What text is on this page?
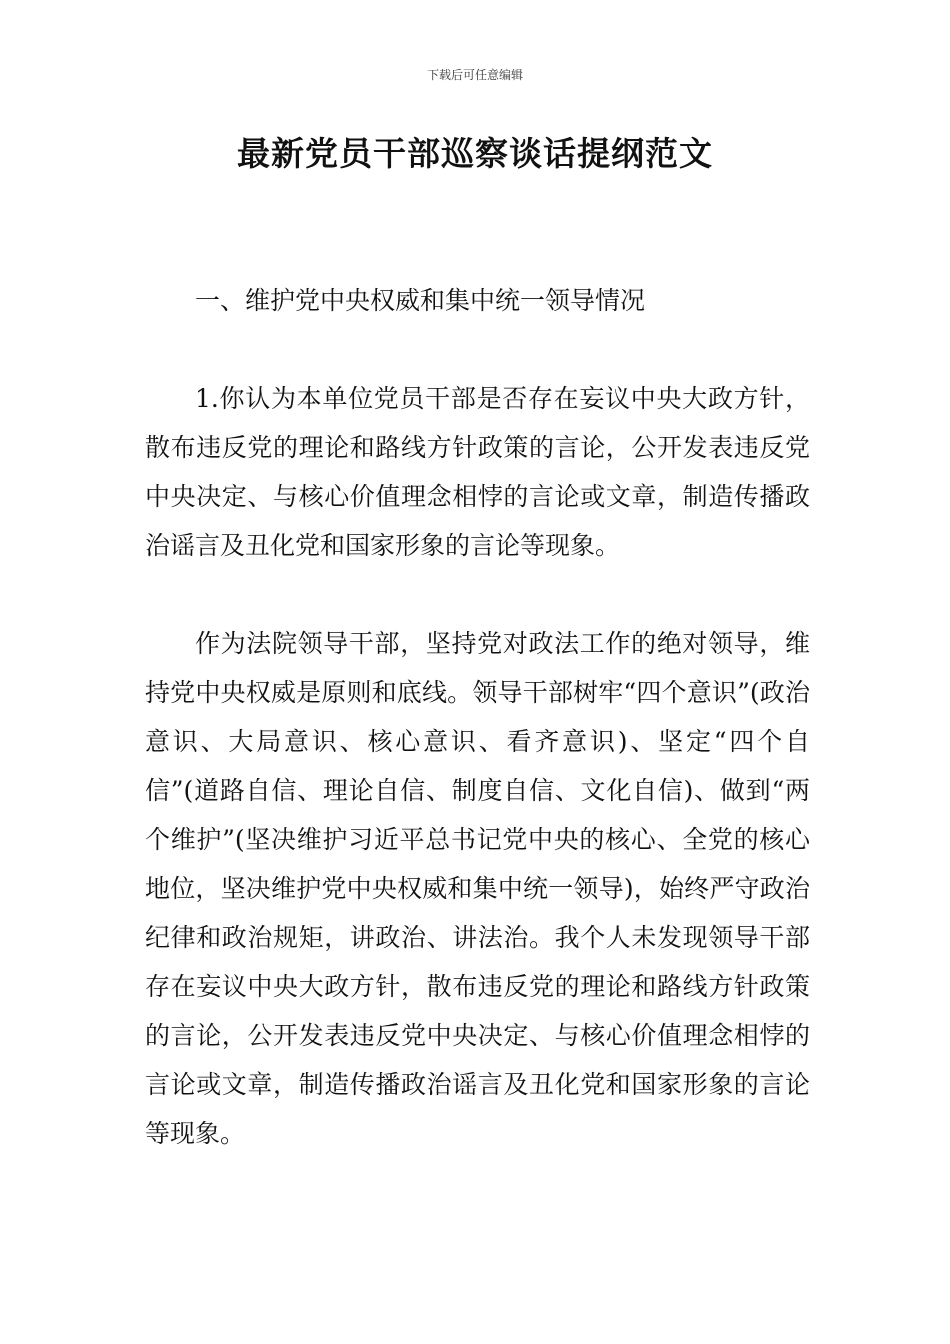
下载后可任意编辑
最新党员干部巡察谈话提纲范文

一、维护党中央权威和集中统一领导情况

1.你认为本单位党员干部是否存在妄议中央大政方针，散布违反党的理论和路线方针政策的言论，公开发表违反党中央决定、与核心价值理念相悖的言论或文章，制造传播政治谣言及丑化党和国家形象的言论等现象。

作为法院领导干部，坚持党对政法工作的绝对领导，维持党中央权威是原则和底线。领导干部树牢“四个意识”(政治意识、大局意识、核心意识、看齐意识)、坚定“四个自信”(道路自信、理论自信、制度自信、文化自信)、做到“两个维护”(坚决维护习近平总书记党中央的核心、全党的核心地位，坚决维护党中央权威和集中统一领导)，始终严守政治纪律和政治规矩，讲政治、讲法治。我个人未发现领导干部存在妄议中央大政方针，散布违反党的理论和路线方针政策的言论，公开发表违反党中央决定、与核心价值理念相悖的言论或文章，制造传播政治谣言及丑化党和国家形象的言论等现象。
